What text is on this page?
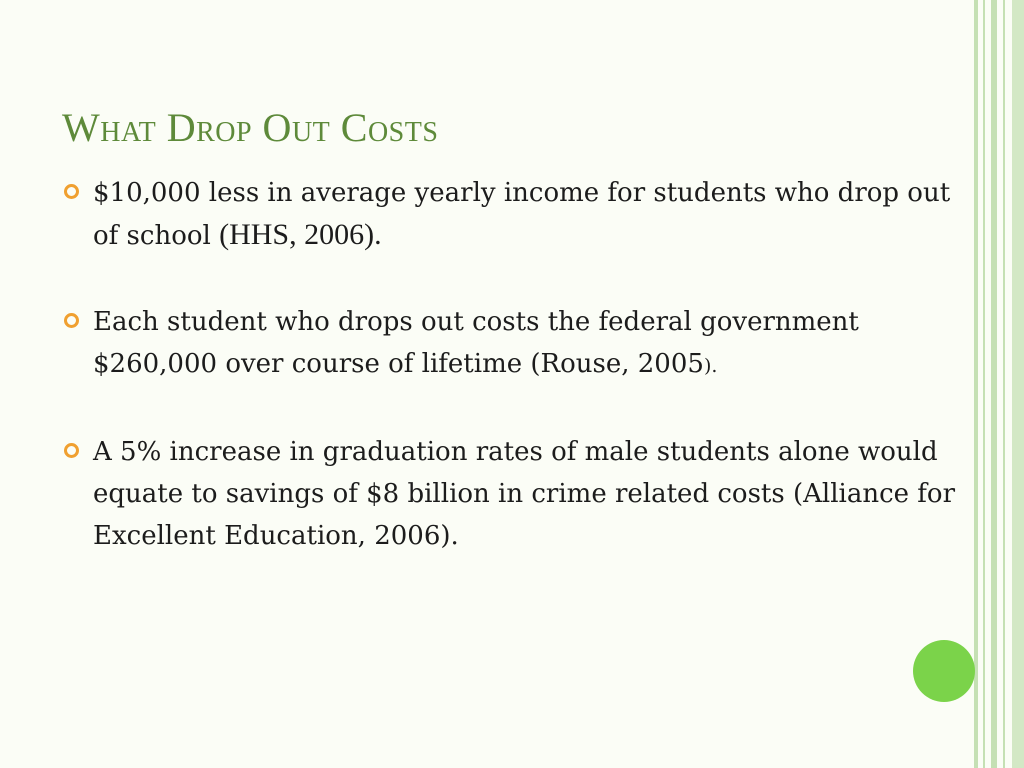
What Drop Out Costs
$10,000 less in average yearly income for students who drop out of school (HHS, 2006).
Each student who drops out costs the federal government $260,000 over course of lifetime (Rouse, 2005).
A 5% increase in graduation rates of male students alone would equate to savings of $8 billion in crime related costs (Alliance for Excellent Education, 2006).
